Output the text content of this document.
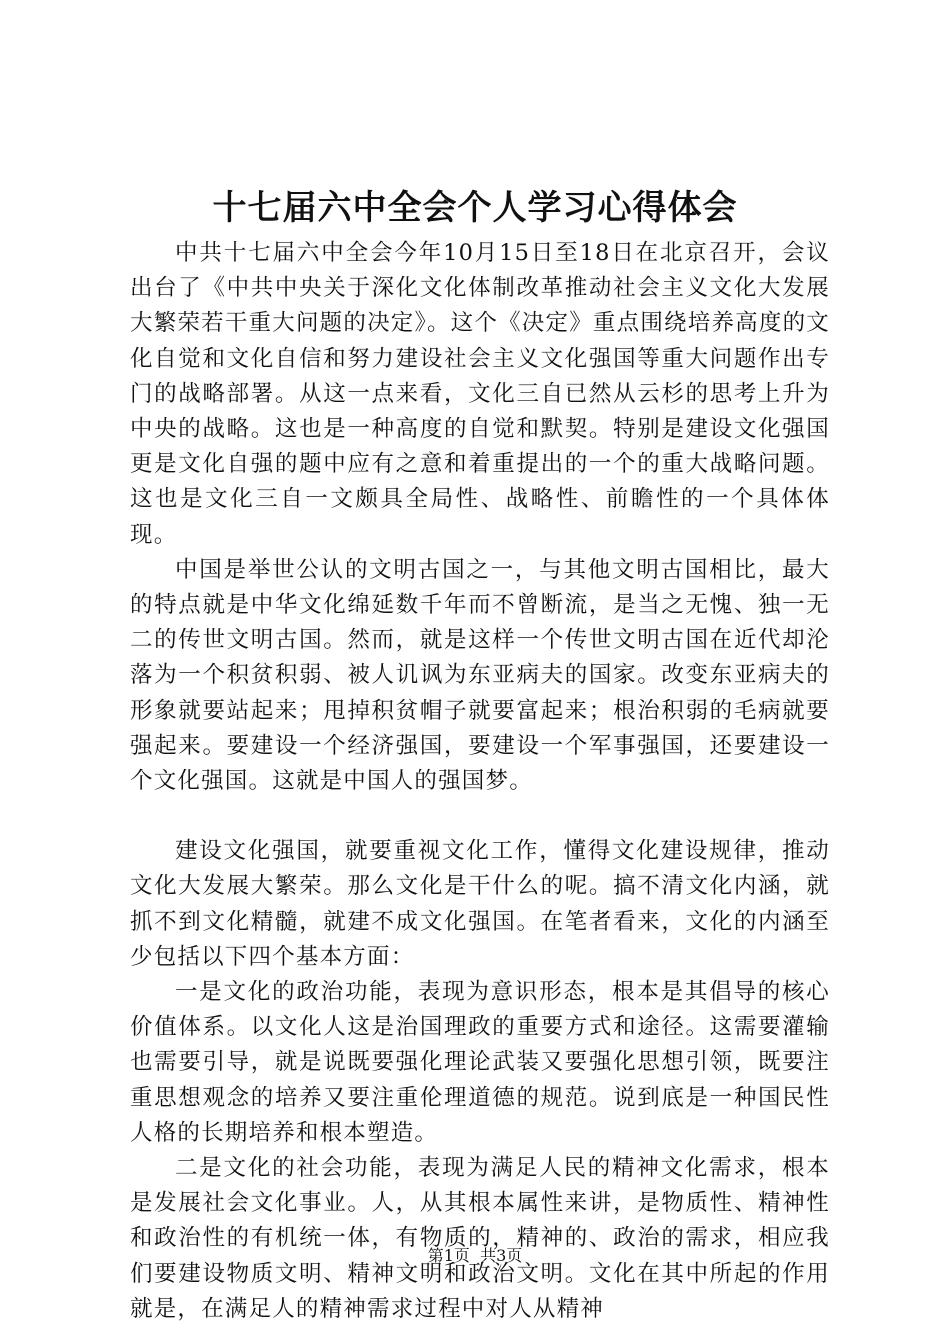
十七届六中全会个人学习心得体会

中共十七届六中全会今年10月15日至18日在北京召开，会议出台了《中共中央关于深化文化体制改革推动社会主义文化大发展大繁荣若干重大问题的决定》。这个《决定》重点围绕培养高度的文化自觉和文化自信和努力建设社会主义文化强国等重大问题作出专门的战略部署。从这一点来看，文化三自已然从云杉的思考上升为中央的战略。这也是一种高度的自觉和默契。特别是建设文化强国更是文化自强的题中应有之意和着重提出的一个的重大战略问题。这也是文化三自一文颇具全局性、战略性、前瞻性的一个具体体现。

中国是举世公认的文明古国之一，与其他文明古国相比，最大的特点就是中华文化绵延数千年而不曾断流，是当之无愧、独一无二的传世文明古国。然而，就是这样一个传世文明古国在近代却沦落为一个积贫积弱、被人讥讽为东亚病夫的国家。改变东亚病夫的形象就要站起来；甩掉积贫帽子就要富起来；根治积弱的毛病就要强起来。要建设一个经济强国，要建设一个军事强国，还要建设一个文化强国。这就是中国人的强国梦。

建设文化强国，就要重视文化工作，懂得文化建设规律，推动文化大发展大繁荣。那么文化是干什么的呢。搞不清文化内涵，就抓不到文化精髓，就建不成文化强国。在笔者看来，文化的内涵至少包括以下四个基本方面：

一是文化的政治功能，表现为意识形态，根本是其倡导的核心价值体系。以文化人这是治国理政的重要方式和途径。这需要灌输也需要引导，就是说既要强化理论武装又要强化思想引领，既要注重思想观念的培养又要注重伦理道德的规范。说到底是一种国民性人格的长期培养和根本塑造。

二是文化的社会功能，表现为满足人民的精神文化需求，根本是发展社会文化事业。人，从其根本属性来讲，是物质性、精神性和政治性的有机统一体，有物质的，精神的、政治的需求，相应我们要建设物质文明、精神文明和政治文明。文化在其中所起的作用就是，在满足人的精神需求过程中对人从精神

第1页  共3页
